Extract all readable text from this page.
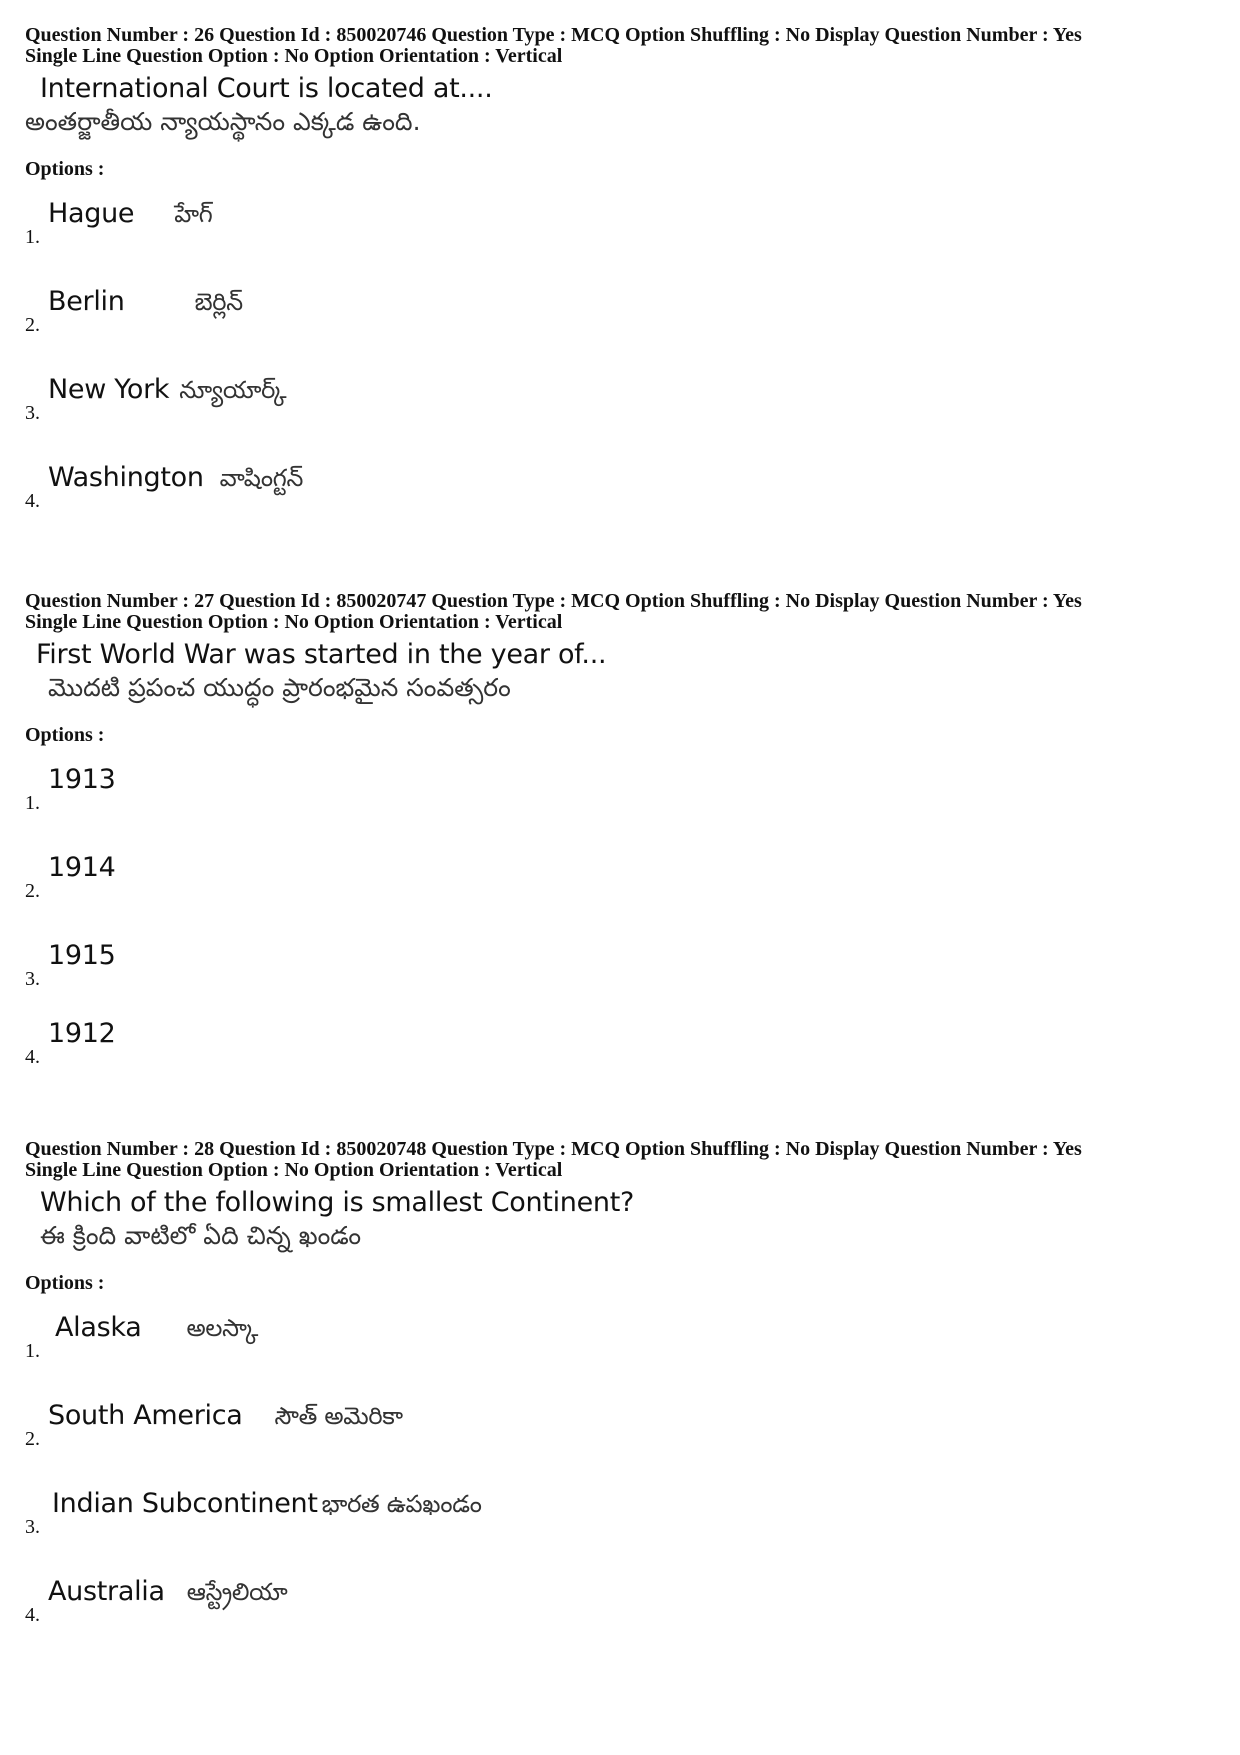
Question Number : 26 Question Id : 850020746 Question Type : MCQ Option Shuffling : No Display Question Number : Yes
Single Line Question Option : No Option Orientation : Vertical
International Court is located at....
అంతర్జాతీయ న్యాయస్థానం ఎక్కడ ఉంది.
Options :
1.
Hague హేగ్
2.
Berlin	బెర్లిన్
3.
New York న్యూయార్క్
4.
Washington వాషింగ్టన్
Question Number : 27 Question Id : 850020747 Question Type : MCQ Option Shuffling : No Display Question Number : Yes
Single Line Question Option : No Option Orientation : Vertical
First World War was started in the year of...
మొదటి ప్రపంచ యుద్ధం ప్రారంభమైన సంవత్సరం
Options :
1.
1913
2.
1914
3.
1915
4.
1912
Question Number : 28 Question Id : 850020748 Question Type : MCQ Option Shuffling : No Display Question Number : Yes
Single Line Question Option : No Option Orientation : Vertical
Which of the following is smallest Continent?
ఈ క్రింది వాటిలో ఏది చిన్న ఖండం
Options :
1.
Alaska అలస్కా
2.
South America సౌత్ అమెరికా
3.
Indian Subcontinent భారత ఉపఖండం
4.
Australia ఆస్ట్రేలియా
